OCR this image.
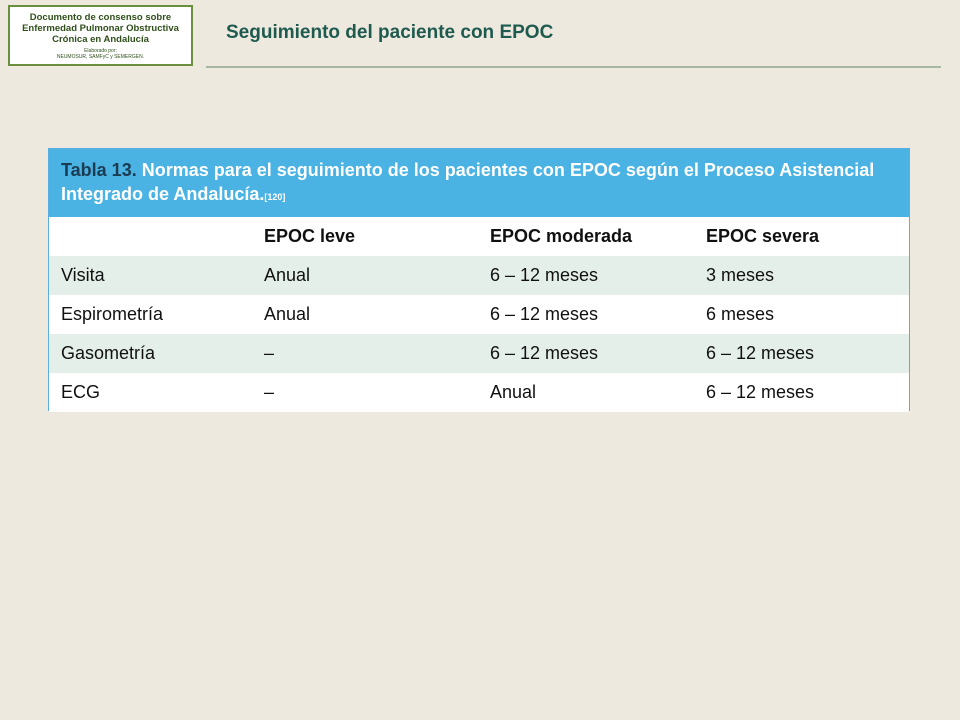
Documento de consenso sobre
Enfermedad Pulmonar Obstructiva
Crónica en Andalucía
Elaborado por:
NEUMOSUR, SAMFyC y SEMERGEN.
Seguimiento del paciente con EPOC
Tabla 13. Normas para el seguimiento de los pacientes con EPOC según el Proceso Asistencial Integrado de Andalucía.[120]
	EPOC leve	EPOC moderada	EPOC severa
Visita	Anual	6 – 12 meses	3 meses
Espirometría	Anual	6 – 12 meses	6 meses
Gasometría	–	6 – 12 meses	6 – 12 meses
ECG	–	Anual	6 – 12 meses
